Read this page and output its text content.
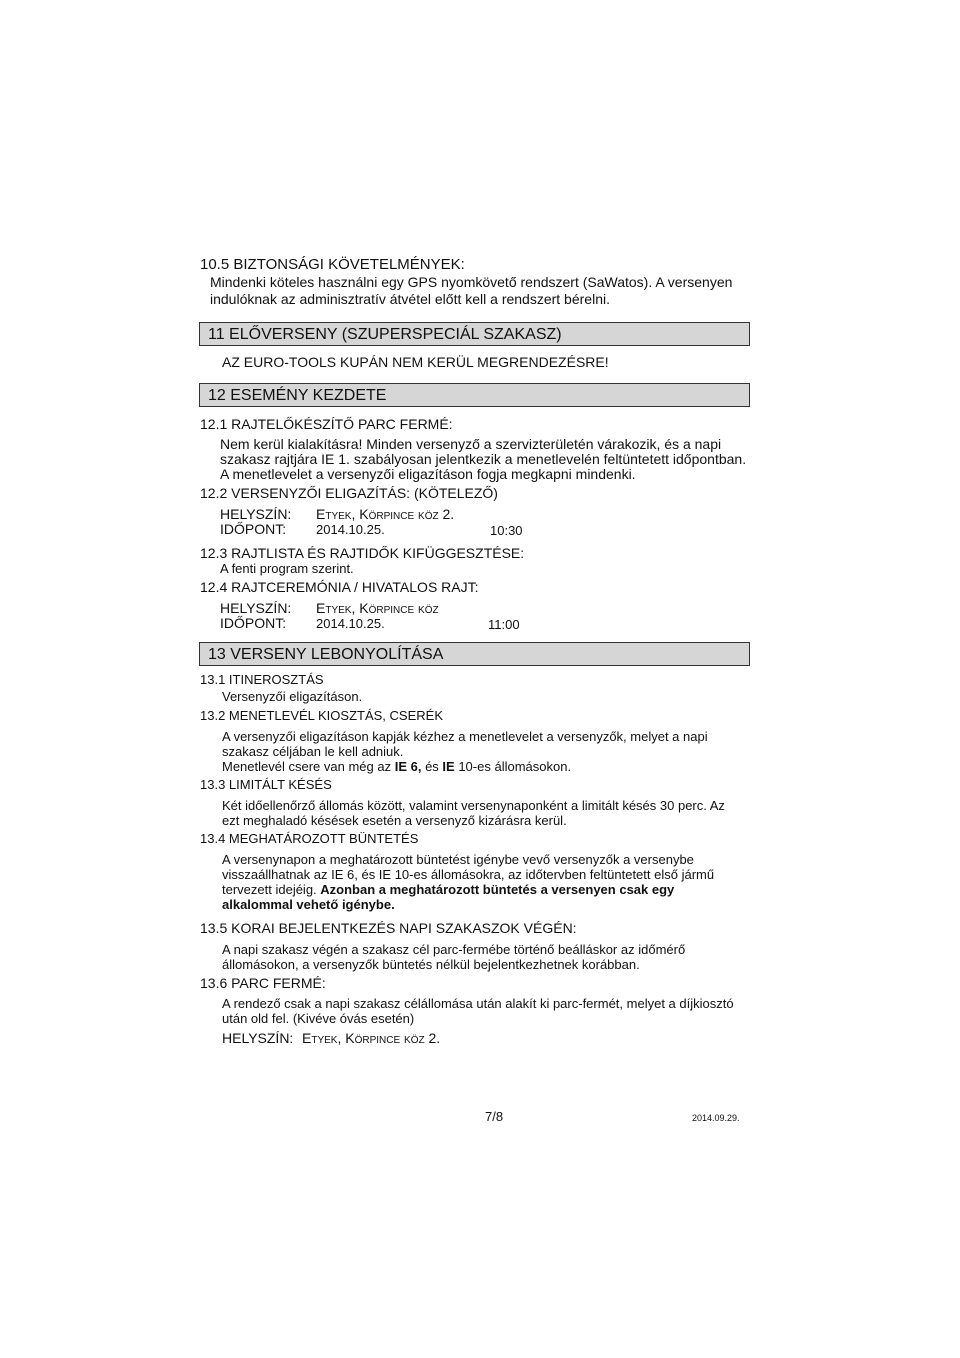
10.5 BIZTONSÁGI KÖVETELMÉNYEK:
Mindenki köteles használni egy GPS nyomkövető rendszert (SaWatos). A versenyen
indulóknak az adminisztratív átvétel előtt kell a rendszert bérelni.
11 ELŐVERSENY (SZUPERSPECIÁL SZAKASZ)
AZ EURO-TOOLS KUPÁN NEM KERÜL MEGRENDEZÉSRE!
12 ESEMÉNY KEZDETE
12.1 RAJTELŐKÉSZÍTŐ PARC FERMÉ:
Nem kerül kialakításra! Minden versenyző a szervizterületén várakozik, és a napi
szakasz rajtjára IE 1. szabályosan jelentkezik a menetlevelén feltüntetett időpontban.
A menetlevelet a versenyzői eligazításon fogja megkapni mindenki.
12.2 VERSENYZŐI ELIGAZÍTÁS: (KÖTELEZŐ)
HELYSZÍN: Etyek, Körpince köz 2.
IDŐPONT: 2014.10.25.	10:30
12.3 RAJTLISTA ÉS RAJTIDŐK KIFÜGGESZTÉSE:
A fenti program szerint.
12.4 RAJTCEREMÓNIA / HIVATALOS RAJT:
HELYSZÍN: Etyek, Körpince köz
IDŐPONT: 2014.10.25.	11:00
13 VERSENY LEBONYOLÍTÁSA
13.1 ITINEROSZTÁS
Versenyzői eligazításon.
13.2 MENETLEVÉL KIOSZTÁS, CSERÉK
A versenyzői eligazításon kapják kézhez a menetlevelet a versenyzők, melyet a napi
szakasz céljában le kell adniuk.
Menetlevél csere van még az IE 6, és IE 10-es állomásokon.
13.3 LIMITÁLT KÉSÉS
Két időellenőrző állomás között, valamint versenynaponként a limitált késés 30 perc. Az
ezt meghaladó késések esetén a versenyző kizárásra kerül.
13.4 MEGHATÁROZOTT BÜNTETÉS
A versenynapon a meghatározott büntetést igénybe vevő versenyzők a versenybe
visszaállhatnak az IE 6, és IE 10-es állomásokra, az időtervben feltüntetett első jármű
tervezett idejéig. Azonban a meghatározott büntetés a versenyen csak egy
alkalommal vehető igénybe.
13.5 KORAI BEJELENTKEZÉS NAPI SZAKASZOK VÉGÉN:
A napi szakasz végén a szakasz cél parc-fermébe történő beálláskor az időmérő
állomásokon, a versenyzők büntetés nélkül bejelentkezhetnek korábban.
13.6 PARC FERMÉ:
A rendező csak a napi szakasz célállomása után alakít ki parc-fermét, melyet a díjkiosztó
után old fel. (Kivéve óvás esetén)
HELYSZÍN: Etyek, Körpince köz 2.
7/8	2014.09.29.
